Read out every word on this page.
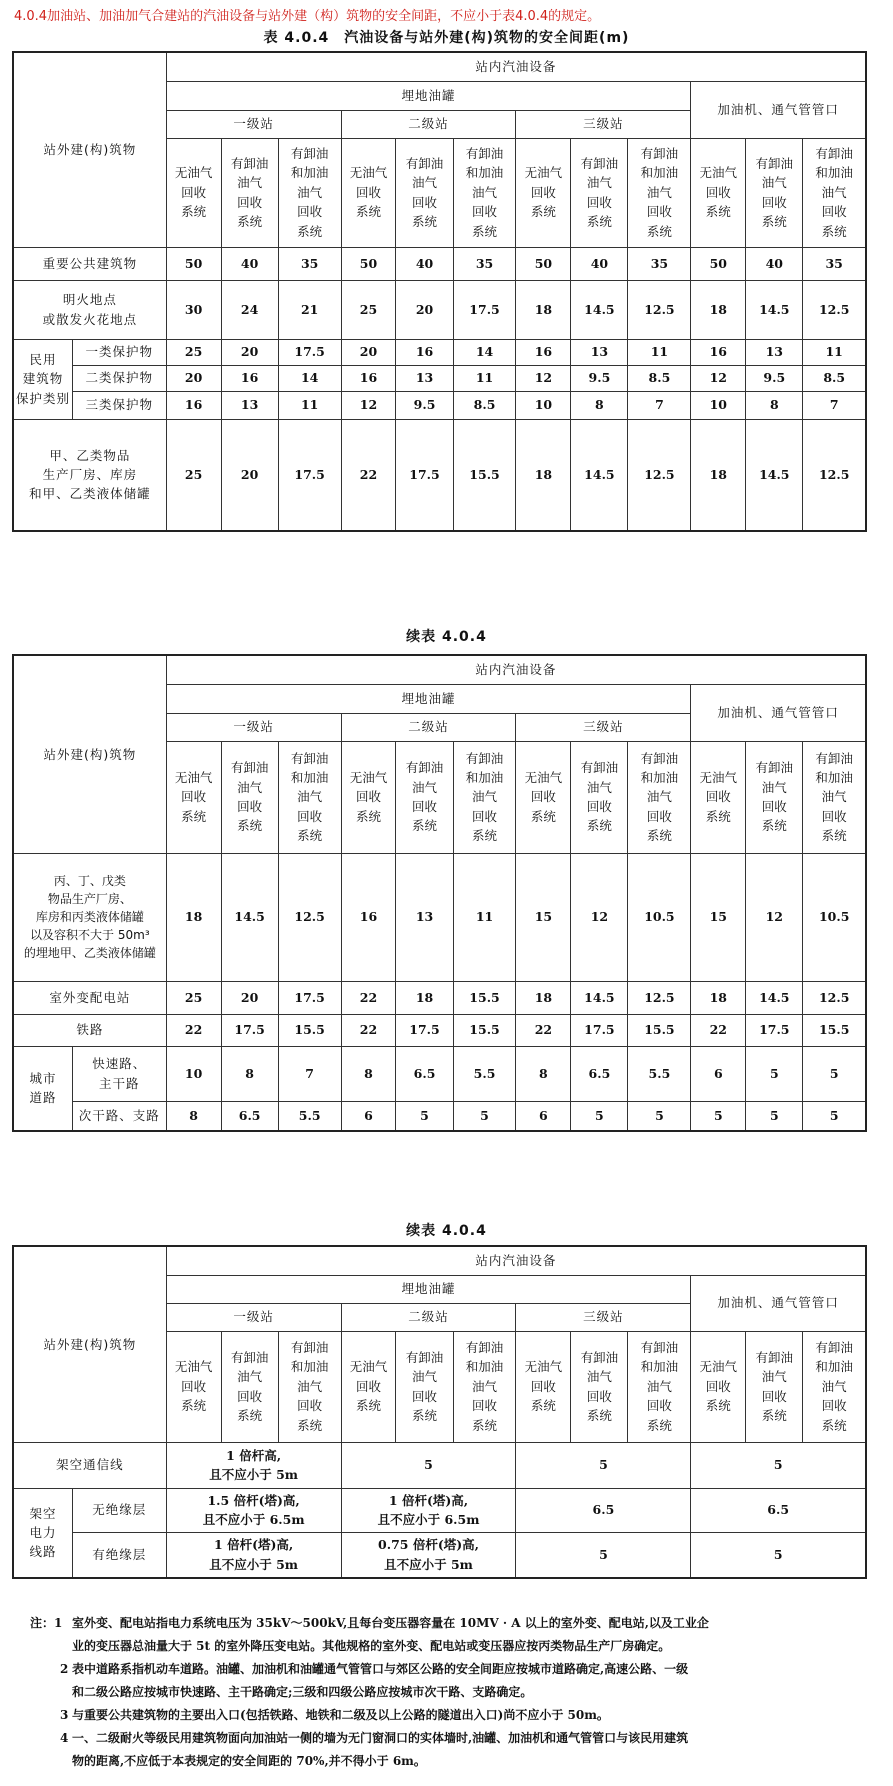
4.0.4加油站、加油加气合建站的汽油设备与站外建（构）筑物的安全间距，不应小于表4.0.4的规定。
表 4.0.4　汽油设备与站外建(构)筑物的安全间距(m)
站外建(构)筑物		站内汽油设备											
		埋地油罐									加油机、通气管管口		
		一级站			二级站			三级站					
		无油气
回收
系统	有卸油
油气
回收
系统	有卸油
和加油
油气
回收
系统	无油气
回收
系统	有卸油
油气
回收
系统	有卸油
和加油
油气
回收
系统	无油气
回收
系统	有卸油
油气
回收
系统	有卸油
和加油
油气
回收
系统	无油气
回收
系统	有卸油
油气
回收
系统	有卸油
和加油
油气
回收
系统
重要公共建筑物		50	40	35	50	40	35	50	40	35	50	40	35
明火地点
或散发火花地点		30	24	21	25	20	17.5	18	14.5	12.5	18	14.5	12.5
民用
建筑物
保护类别	一类保护物	25	20	17.5	20	16	14	16	13	11	16	13	11
	二类保护物	20	16	14	16	13	11	12	9.5	8.5	12	9.5	8.5
	三类保护物	16	13	11	12	9.5	8.5	10	8	7	10	8	7
甲、乙类物品
生产厂房、库房
和甲、乙类液体储罐		25	20	17.5	22	17.5	15.5	18	14.5	12.5	18	14.5	12.5
续表 4.0.4
站外建(构)筑物		站内汽油设备											
		埋地油罐									加油机、通气管管口		
		一级站			二级站			三级站					
		无油气
回收
系统	有卸油
油气
回收
系统	有卸油
和加油
油气
回收
系统	无油气
回收
系统	有卸油
油气
回收
系统	有卸油
和加油
油气
回收
系统	无油气
回收
系统	有卸油
油气
回收
系统	有卸油
和加油
油气
回收
系统	无油气
回收
系统	有卸油
油气
回收
系统	有卸油
和加油
油气
回收
系统
丙、丁、戊类
物品生产厂房、
库房和丙类液体储罐
以及容积不大于 50m³
的埋地甲、乙类液体储罐		18	14.5	12.5	16	13	11	15	12	10.5	15	12	10.5
室外变配电站		25	20	17.5	22	18	15.5	18	14.5	12.5	18	14.5	12.5
铁路		22	17.5	15.5	22	17.5	15.5	22	17.5	15.5	22	17.5	15.5
城市
道路	快速路、
主干路	10	8	7	8	6.5	5.5	8	6.5	5.5	6	5	5
	次干路、支路	8	6.5	5.5	6	5	5	6	5	5	5	5	5
续表 4.0.4
站外建(构)筑物		站内汽油设备											
		埋地油罐									加油机、通气管管口		
		一级站			二级站			三级站					
		无油气
回收
系统	有卸油
油气
回收
系统	有卸油
和加油
油气
回收
系统	无油气
回收
系统	有卸油
油气
回收
系统	有卸油
和加油
油气
回收
系统	无油气
回收
系统	有卸油
油气
回收
系统	有卸油
和加油
油气
回收
系统	无油气
回收
系统	有卸油
油气
回收
系统	有卸油
和加油
油气
回收
系统
架空通信线		1 倍杆高,
且不应小于 5m			5			5			5		
架空
电力
线路	无绝缘层	1.5 倍杆(塔)高,
且不应小于 6.5m			1 倍杆(塔)高,
且不应小于 6.5m			6.5			6.5		
	有绝缘层	1 倍杆(塔)高,
且不应小于 5m			0.75 倍杆(塔)高,
且不应小于 5m			5			5		
注：1 室外变、配电站指电力系统电压为 35kV～500kV,且每台变压器容量在 10MV · A 以上的室外变、配电站,以及工业企
业的变压器总油量大于 5t 的室外降压变电站。其他规格的室外变、配电站或变压器应按丙类物品生产厂房确定。
2 表中道路系指机动车道路。油罐、加油机和油罐通气管管口与郊区公路的安全间距应按城市道路确定,高速公路、一级
和二级公路应按城市快速路、主干路确定;三级和四级公路应按城市次干路、支路确定。
3 与重要公共建筑物的主要出入口(包括铁路、地铁和二级及以上公路的隧道出入口)尚不应小于 50m。
4 一、二级耐火等级民用建筑物面向加油站一侧的墙为无门窗洞口的实体墙时,油罐、加油机和通气管管口与该民用建筑
物的距离,不应低于本表规定的安全间距的 70%,并不得小于 6m。
